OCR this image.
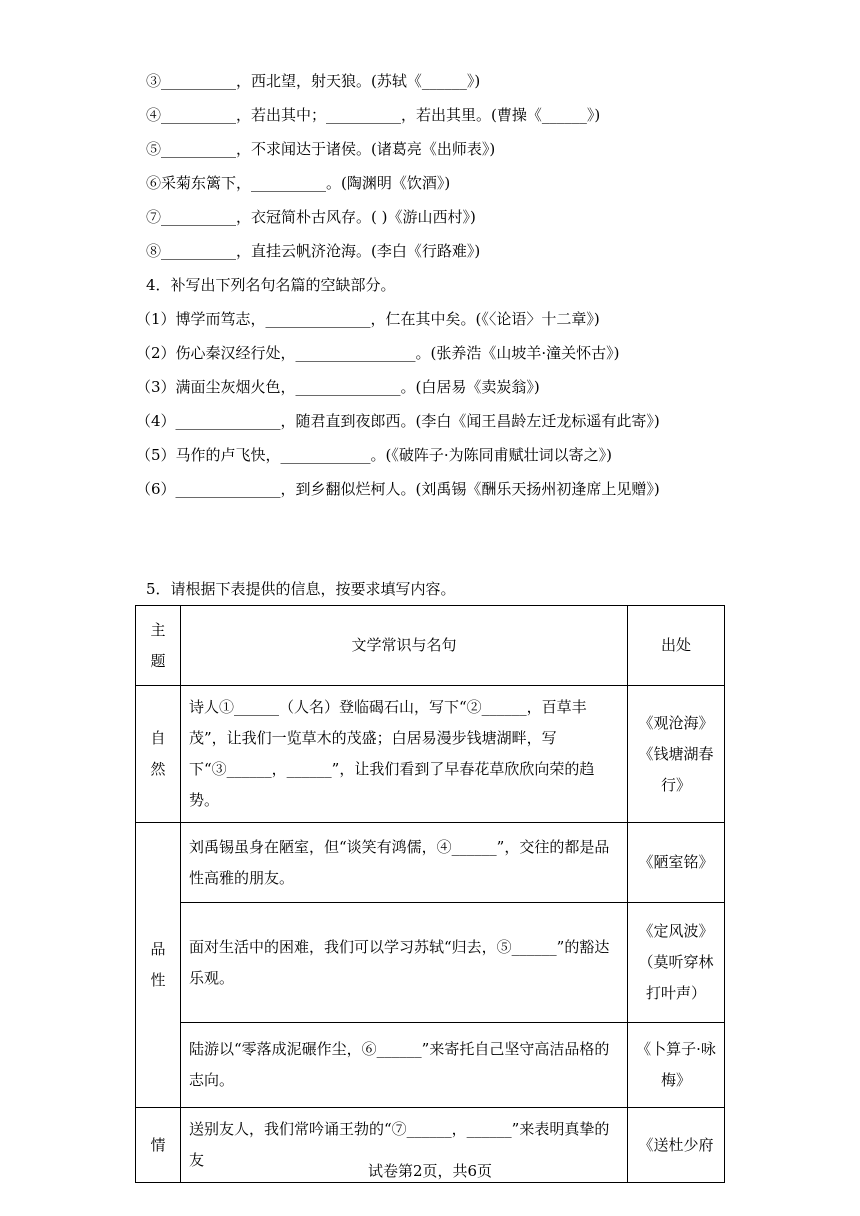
③__________，西北望，射天狼。(苏轼《______》)
④__________，若出其中；__________，若出其里。(曹操《______》)
⑤__________，不求闻达于诸侯。(诸葛亮《出师表》)
⑥采菊东篱下，__________。(陶渊明《饮酒》)
⑦__________，衣冠简朴古风存。( )《游山西村》)
⑧__________，直挂云帆济沧海。(李白《行路难》)
4．补写出下列名句名篇的空缺部分。
（1）博学而笃志，______________，仁在其中矣。(《〈论语〉十二章》)
（2）伤心秦汉经行处，________________。(张养浩《山坡羊·潼关怀古》)
（3）满面尘灰烟火色，______________。(白居易《卖炭翁》)
（4）______________，随君直到夜郎西。(李白《闻王昌龄左迁龙标遥有此寄》)
（5）马作的卢飞快，____________。(《破阵子·为陈同甫赋壮词以寄之》)
（6）______________，到乡翻似烂柯人。(刘禹锡《酬乐天扬州初逢席上见赠》)
5．请根据下表提供的信息，按要求填写内容。
主
题	文学常识与名句	出处
自
然	诗人①______（人名）登临碣石山，写下“②______，百草丰茂”，让我们一览草木的茂盛；白居易漫步钱塘湖畔，写下“③______，______”，让我们看到了早春花草欣欣向荣的趋势。	《观沧海》
《钱塘湖春行》
品
性	刘禹锡虽身在陋室，但“谈笑有鸿儒，④______”，交往的都是品性高雅的朋友。	《陋室铭》
	面对生活中的困难，我们可以学习苏轼“归去，⑤______”的豁达乐观。	《定风波》（莫听穿林打叶声）
	陆游以“零落成泥碾作尘，⑥______”来寄托自己坚守高洁品格的志向。	《卜算子·咏梅》
情	送别友人，我们常吟诵王勃的“⑦______，______”来表明真挚的友	《送杜少府
试卷第2页，共6页
